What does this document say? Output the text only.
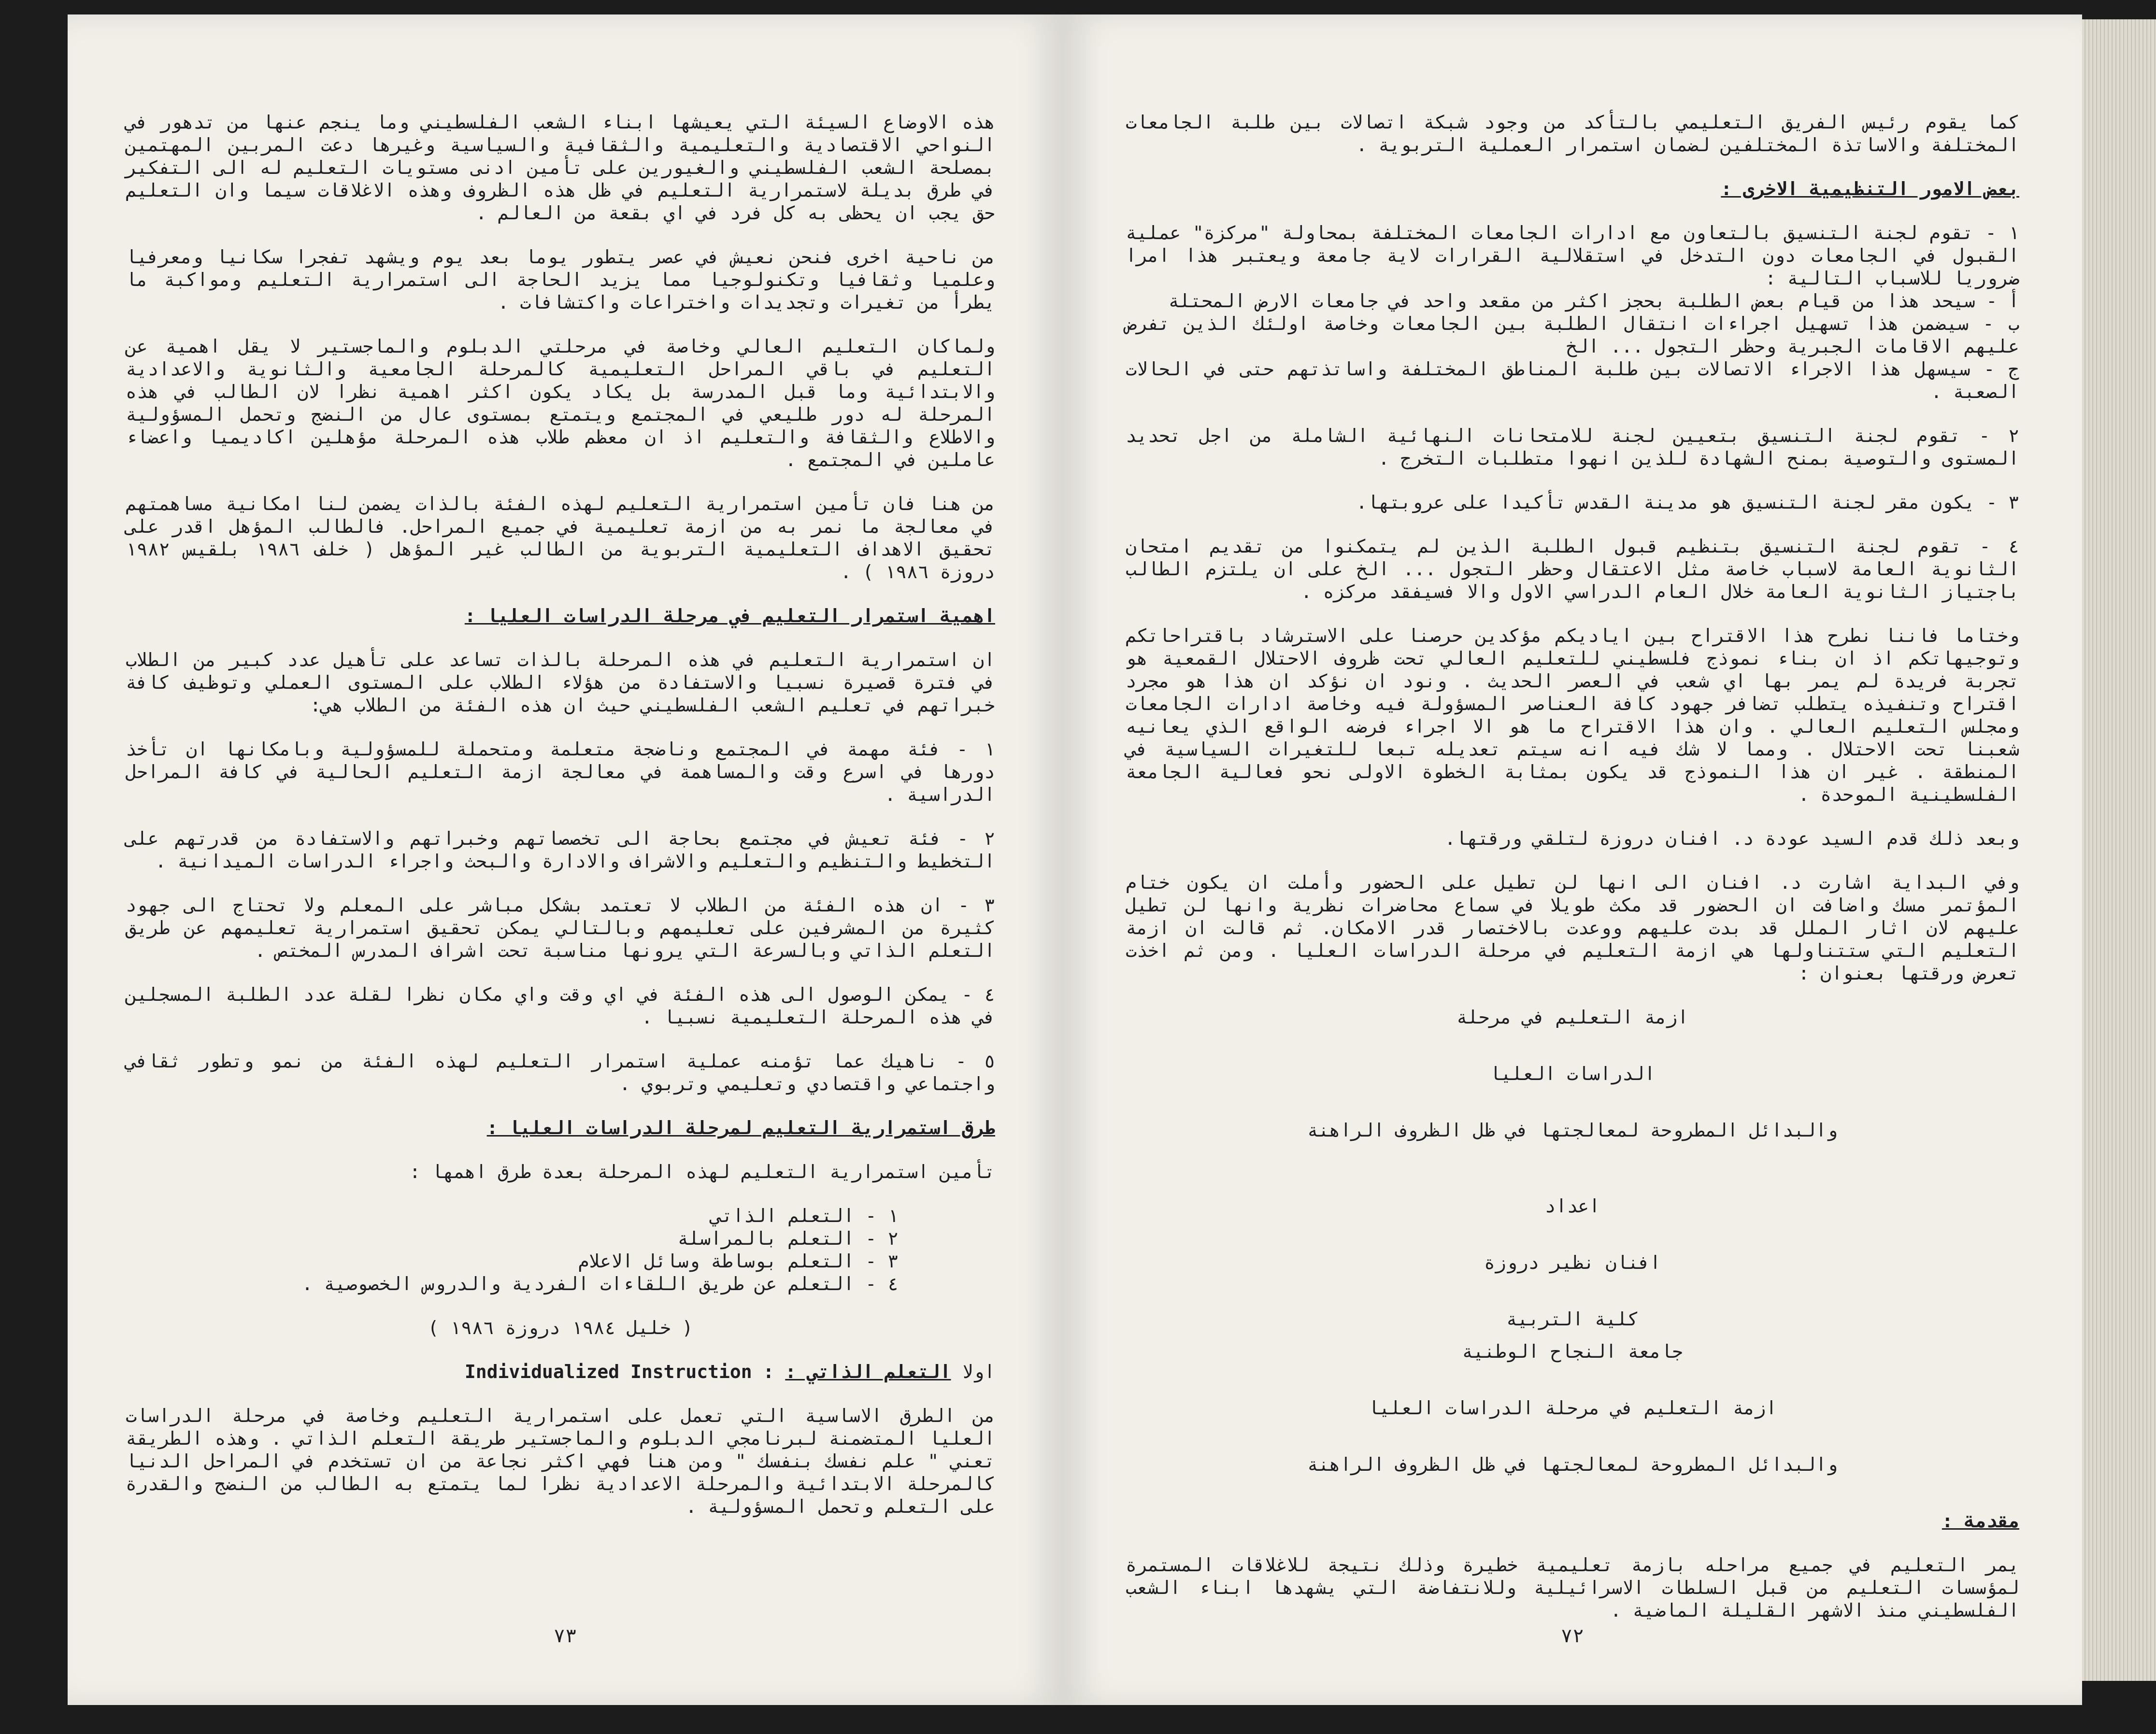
هذه الاوضاع السيئة التي يعيشها ابناء الشعب الفلسطيني وما ينجم عنها من تدهور في النواحي الاقتصادية والتعليمية والثقافية والسياسية وغيرها دعت المربين المهتمين بمصلحة الشعب الفلسطيني والغيورين على تأمين ادنى مستويات التعليم له الى التفكير في طرق بديلة لاستمرارية التعليم في ظل هذه الظروف وهذه الاغلاقات سيما وان التعليم حق يجب ان يحظى به كل فرد في اي بقعة من العالم .

من ناحية اخرى فنحن نعيش في عصر يتطور يوما بعد يوم ويشهد تفجرا سكانيا ومعرفيا وعلميا وثقافيا وتكنولوجيا مما يزيد الحاجة الى استمرارية التعليم ومواكبة ما يطرأ من تغيرات وتجديدات واختراعات واكتشافات .

ولماكان التعليم العالي وخاصة في مرحلتي الدبلوم والماجستير لا يقل اهمية عن التعليم في باقي المراحل التعليمية كالمرحلة الجامعية والثانوية والاعدادية والابتدائية وما قبل المدرسة بل يكاد يكون اكثر اهمية نظرا لان الطالب في هذه المرحلة له دور طليعي في المجتمع ويتمتع بمستوى عال من النضج وتحمل المسؤولية والاطلاع والثقافة والتعليم اذ ان معظم طلاب هذه المرحلة مؤهلين اكاديميا واعضاء عاملين في المجتمع .

من هنا فان تأمين استمرارية التعليم لهذه الفئة بالذات يضمن لنا امكانية مساهمتهم في معالجة ما نمر به من ازمة تعليمية في جميع المراحل. فالطالب المؤهل اقدر على تحقيق الاهداف التعليمية التربوية من الطالب غير المؤهل ( خلف ١٩٨٦ بلقيس ١٩٨٢ دروزة ١٩٨٦ ) .

اهمية استمرار التعليم في مرحلة الدراسات العليا :

ان استمرارية التعليم في هذه المرحلة بالذات تساعد على تأهيل عدد كبير من الطلاب في فترة قصيرة نسبيا والاستفادة من هؤلاء الطلاب على المستوى العملي وتوظيف كافة خبراتهم في تعليم الشعب الفلسطيني حيث ان هذه الفئة من الطلاب هي:

١ - فئة مهمة في المجتمع وناضجة متعلمة ومتحملة للمسؤولية وبامكانها ان تأخذ دورها في اسرع وقت والمساهمة في معالجة ازمة التعليم الحالية في كافة المراحل الدراسية .

٢ - فئة تعيش في مجتمع بحاجة الى تخصصاتهم وخبراتهم والاستفادة من قدرتهم على التخطيط والتنظيم والتعليم والاشراف والادارة والبحث واجراء الدراسات الميدانية .

٣ - ان هذه الفئة من الطلاب لا تعتمد بشكل مباشر على المعلم ولا تحتاج الى جهود كثيرة من المشرفين على تعليمهم وبالتالي يمكن تحقيق استمرارية تعليمهم عن طريق التعلم الذاتي وبالسرعة التي يرونها مناسبة تحت اشراف المدرس المختص .

٤ - يمكن الوصول الى هذه الفئة في اي وقت واي مكان نظرا لقلة عدد الطلبة المسجلين في هذه المرحلة التعليمية نسبيا .

٥ - ناهيك عما تؤمنه عملية استمرار التعليم لهذه الفئة من نمو وتطور ثقافي واجتماعي واقتصادي وتعليمي وتربوي .

طرق استمرارية التعليم لمرحلة الدراسات العليا :

تأمين استمرارية التعليم لهذه المرحلة بعدة طرق اهمها :

١ - التعلم الذاتي
٢ - التعلم بالمراسلة
٣ - التعلم بوساطة وسائل الاعلام
٤ - التعلم عن طريق اللقاءات الفردية والدروس الخصوصية .

( خليل ١٩٨٤ دروزة ١٩٨٦ )

اولا التعلم الذاتي : Individualized Instruction :

من الطرق الاساسية التي تعمل على استمرارية التعليم وخاصة في مرحلة الدراسات العليا المتضمنة لبرنامجي الدبلوم والماجستير طريقة التعلم الذاتي . وهذه الطريقة تعني " علم نفسك بنفسك " ومن هنا فهي اكثر نجاعة من ان تستخدم في المراحل الدنيا كالمرحلة الابتدائية والمرحلة الاعدادية نظرا لما يتمتع به الطالب من النضج والقدرة على التعلم وتحمل المسؤولية .

٧٣

كما يقوم رئيس الفريق التعليمي بالتأكد من وجود شبكة اتصالات بين طلبة الجامعات المختلفة والاساتذة المختلفين لضمان استمرار العملية التربوية .

بعض الامور التنظيمية الاخرى :

١ - تقوم لجنة التنسيق بالتعاون مع ادارات الجامعات المختلفة بمحاولة "مركزة" عملية القبول في الجامعات دون التدخل في استقلالية القرارات لاية جامعة ويعتبر هذا امرا ضروريا للاسباب التالية :

أ - سيحد هذا من قيام بعض الطلبة بحجز اكثر من مقعد واحد في جامعات الارض المحتلة

ب - سيضمن هذا تسهيل اجراءات انتقال الطلبة بين الجامعات وخاصة اولئك الذين تفرض عليهم الاقامات الجبرية وحظر التجول ... الخ

ج - سيسهل هذا الاجراء الاتصالات بين طلبة المناطق المختلفة واساتذتهم حتى في الحالات الصعبة .

٢ - تقوم لجنة التنسيق بتعيين لجنة للامتحانات النهائية الشاملة من اجل تحديد المستوى والتوصية بمنح الشهادة للذين انهوا متطلبات التخرج .

٣ - يكون مقر لجنة التنسيق هو مدينة القدس تأكيدا على عروبتها.

٤ - تقوم لجنة التنسيق بتنظيم قبول الطلبة الذين لم يتمكنوا من تقديم امتحان الثانوية العامة لاسباب خاصة مثل الاعتقال وحظر التجول ... الخ على ان يلتزم الطالب باجتياز الثانوية العامة خلال العام الدراسي الاول والا فسيفقد مركزه .

وختاما فاننا نطرح هذا الاقتراح بين اياديكم مؤكدين حرصنا على الاسترشاد باقتراحاتكم وتوجيهاتكم اذ ان بناء نموذج فلسطيني للتعليم العالي تحت ظروف الاحتلال القمعية هو تجربة فريدة لم يمر بها اي شعب في العصر الحديث . ونود ان نؤكد ان هذا هو مجرد اقتراح وتنفيذه يتطلب تضافر جهود كافة العناصر المسؤولة فيه وخاصة ادارات الجامعات ومجلس التعليم العالي . وان هذا الاقتراح ما هو الا اجراء فرضه الواقع الذي يعانيه شعبنا تحت الاحتلال . ومما لا شك فيه انه سيتم تعديله تبعا للتغيرات السياسية في المنطقة . غير ان هذا النموذج قد يكون بمثابة الخطوة الاولى نحو فعالية الجامعة الفلسطينية الموحدة .

وبعد ذلك قدم السيد عودة د. افنان دروزة لتلقي ورقتها.

وفي البداية اشارت د. افنان الى انها لن تطيل على الحضور وأملت ان يكون ختام المؤتمر مسك واضافت ان الحضور قد مكث طويلا في سماع محاضرات نظرية وانها لن تطيل عليهم لان اثار الملل قد بدت عليهم ووعدت بالاختصار قدر الامكان. ثم قالت ان ازمة التعليم التي ستتناولها هي ازمة التعليم في مرحلة الدراسات العليا . ومن ثم اخذت تعرض ورقتها بعنوان :

ازمة التعليم في مرحلة

الدراسات العليا

والبدائل المطروحة لمعالجتها في ظل الظروف الراهنة

اعداد

افنان نظير دروزة

كلية التربية

جامعة النجاح الوطنية

ازمة التعليم في مرحلة الدراسات العليا

والبدائل المطروحة لمعالجتها في ظل الظروف الراهنة

مقدمة :

يمر التعليم في جميع مراحله بازمة تعليمية خطيرة وذلك نتيجة للاغلاقات المستمرة لمؤسسات التعليم من قبل السلطات الاسرائيلية وللانتفاضة التي يشهدها ابناء الشعب الفلسطيني منذ الاشهر القليلة الماضية .

٧٢
